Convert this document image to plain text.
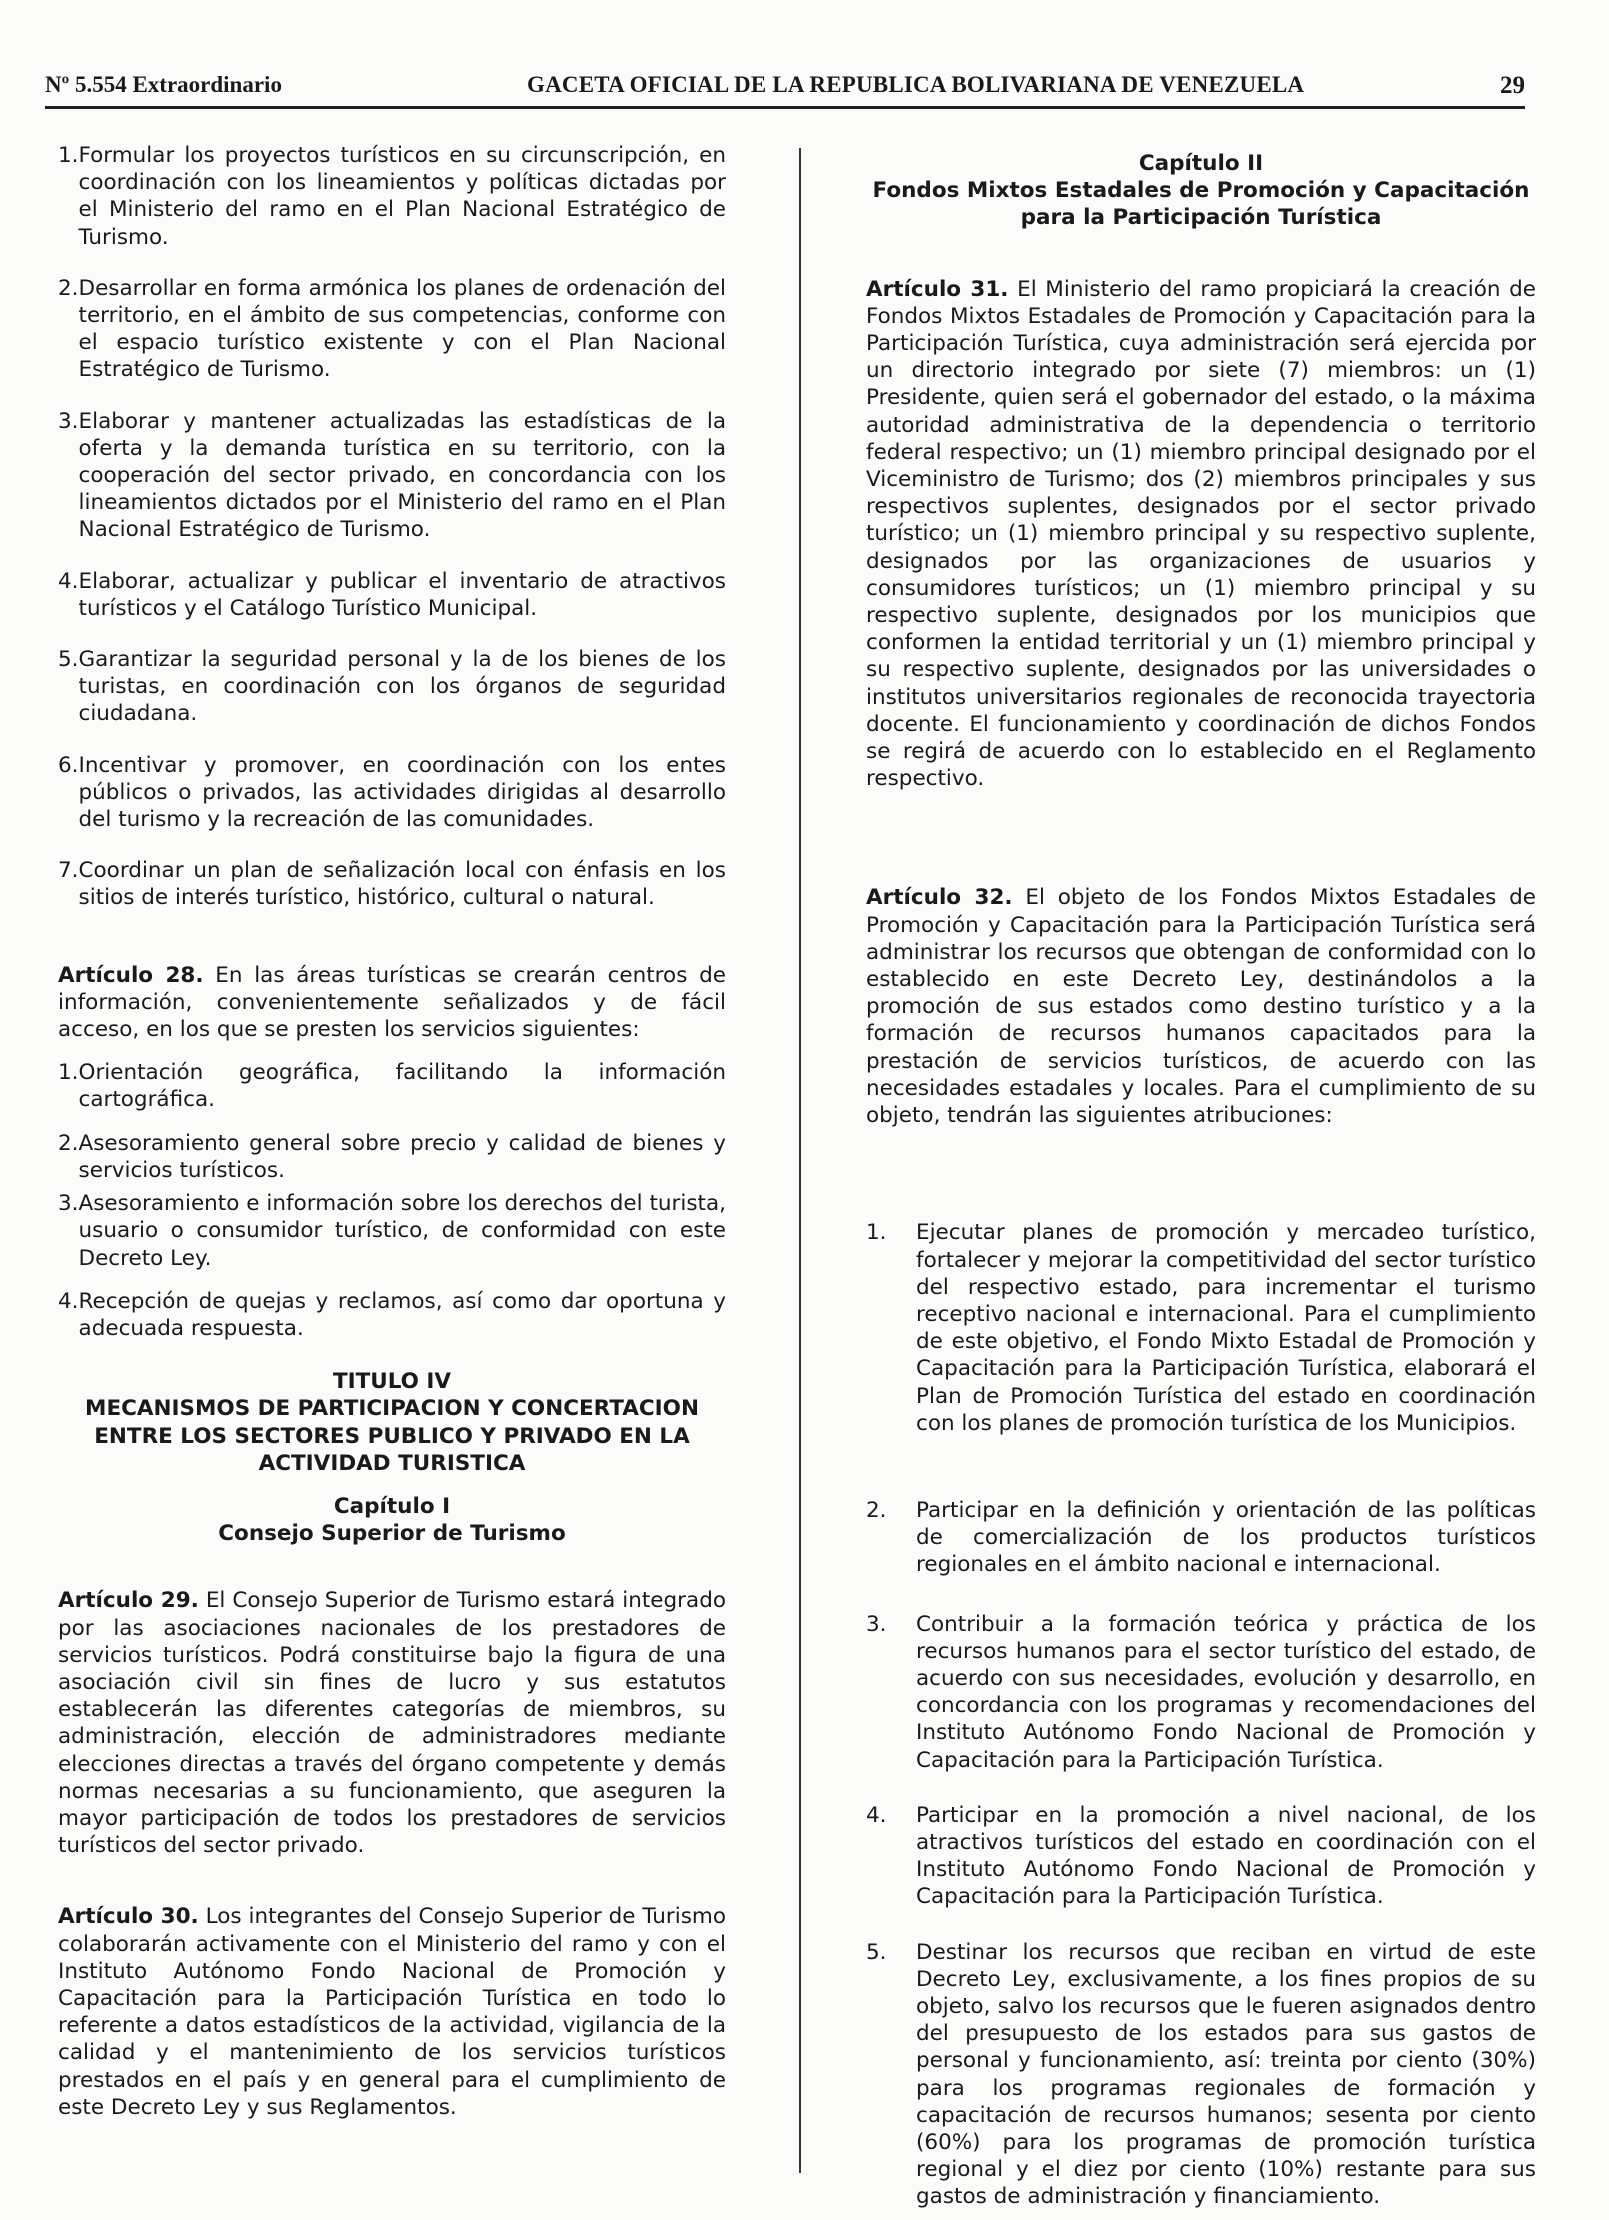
Nº 5.554 Extraordinario	GACETA OFICIAL DE LA REPUBLICA BOLIVARIANA DE VENEZUELA	29
1. Formular los proyectos turísticos en su circunscripción, en coordinación con los lineamientos y políticas dictadas por el Ministerio del ramo en el Plan Nacional Estratégico de Turismo.
2. Desarrollar en forma armónica los planes de ordenación del territorio, en el ámbito de sus competencias, conforme con el espacio turístico existente y con el Plan Nacional Estratégico de Turismo.
3. Elaborar y mantener actualizadas las estadísticas de la oferta y la demanda turística en su territorio, con la cooperación del sector privado, en concordancia con los lineamientos dictados por el Ministerio del ramo en el Plan Nacional Estratégico de Turismo.
4. Elaborar, actualizar y publicar el inventario de atractivos turísticos y el Catálogo Turístico Municipal.
5. Garantizar la seguridad personal y la de los bienes de los turistas, en coordinación con los órganos de seguridad ciudadana.
6. Incentivar y promover, en coordinación con los entes públicos o privados, las actividades dirigidas al desarrollo del turismo y la recreación de las comunidades.
7. Coordinar un plan de señalización local con énfasis en los sitios de interés turístico, histórico, cultural o natural.
Artículo 28. En las áreas turísticas se crearán centros de información, convenientemente señalizados y de fácil acceso, en los que se presten los servicios siguientes:
1. Orientación geográfica, facilitando la información cartográfica.
2. Asesoramiento general sobre precio y calidad de bienes y servicios turísticos.
3. Asesoramiento e información sobre los derechos del turista, usuario o consumidor turístico, de conformidad con este Decreto Ley.
4. Recepción de quejas y reclamos, así como dar oportuna y adecuada respuesta.
TITULO IV
MECANISMOS DE PARTICIPACION Y CONCERTACION
ENTRE LOS SECTORES PUBLICO Y PRIVADO EN LA
ACTIVIDAD TURISTICA
Capítulo I
Consejo Superior de Turismo
Artículo 29. El Consejo Superior de Turismo estará integrado por las asociaciones nacionales de los prestadores de servicios turísticos. Podrá constituirse bajo la figura de una asociación civil sin fines de lucro y sus estatutos establecerán las diferentes categorías de miembros, su administración, elección de administradores mediante elecciones directas a través del órgano competente y demás normas necesarias a su funcionamiento, que aseguren la mayor participación de todos los prestadores de servicios turísticos del sector privado.
Artículo 30. Los integrantes del Consejo Superior de Turismo colaborarán activamente con el Ministerio del ramo y con el Instituto Autónomo Fondo Nacional de Promoción y Capacitación para la Participación Turística en todo lo referente a datos estadísticos de la actividad, vigilancia de la calidad y el mantenimiento de los servicios turísticos prestados en el país y en general para el cumplimiento de este Decreto Ley y sus Reglamentos.
Capítulo II
Fondos Mixtos Estadales de Promoción y Capacitación
para la Participación Turística
Artículo 31. El Ministerio del ramo propiciará la creación de Fondos Mixtos Estadales de Promoción y Capacitación para la Participación Turística, cuya administración será ejercida por un directorio integrado por siete (7) miembros: un (1) Presidente, quien será el gobernador del estado, o la máxima autoridad administrativa de la dependencia o territorio federal respectivo; un (1) miembro principal designado por el Viceministro de Turismo; dos (2) miembros principales y sus respectivos suplentes, designados por el sector privado turístico; un (1) miembro principal y su respectivo suplente, designados por las organizaciones de usuarios y consumidores turísticos; un (1) miembro principal y su respectivo suplente, designados por los municipios que conformen la entidad territorial y un (1) miembro principal y su respectivo suplente, designados por las universidades o institutos universitarios regionales de reconocida trayectoria docente. El funcionamiento y coordinación de dichos Fondos se regirá de acuerdo con lo establecido en el Reglamento respectivo.
Artículo 32. El objeto de los Fondos Mixtos Estadales de Promoción y Capacitación para la Participación Turística será administrar los recursos que obtengan de conformidad con lo establecido en este Decreto Ley, destinándolos a la promoción de sus estados como destino turístico y a la formación de recursos humanos capacitados para la prestación de servicios turísticos, de acuerdo con las necesidades estadales y locales. Para el cumplimiento de su objeto, tendrán las siguientes atribuciones:
1.	Ejecutar planes de promoción y mercadeo turístico, fortalecer y mejorar la competitividad del sector turístico del respectivo estado, para incrementar el turismo receptivo nacional e internacional. Para el cumplimiento de este objetivo, el Fondo Mixto Estadal de Promoción y Capacitación para la Participación Turística, elaborará el Plan de Promoción Turística del estado en coordinación con los planes de promoción turística de los Municipios.
2.	Participar en la definición y orientación de las políticas de comercialización de los productos turísticos regionales en el ámbito nacional e internacional.
3.	Contribuir a la formación teórica y práctica de los recursos humanos para el sector turístico del estado, de acuerdo con sus necesidades, evolución y desarrollo, en concordancia con los programas y recomendaciones del Instituto Autónomo Fondo Nacional de Promoción y Capacitación para la Participación Turística.
4.	Participar en la promoción a nivel nacional, de los atractivos turísticos del estado en coordinación con el Instituto Autónomo Fondo Nacional de Promoción y Capacitación para la Participación Turística.
5.	Destinar los recursos que reciban en virtud de este Decreto Ley, exclusivamente, a los fines propios de su objeto, salvo los recursos que le fueren asignados dentro del presupuesto de los estados para sus gastos de personal y funcionamiento, así: treinta por ciento (30%) para los programas regionales de formación y capacitación de recursos humanos; sesenta por ciento (60%) para los programas de promoción turística regional y el diez por ciento (10%) restante para sus gastos de administración y financiamiento.
